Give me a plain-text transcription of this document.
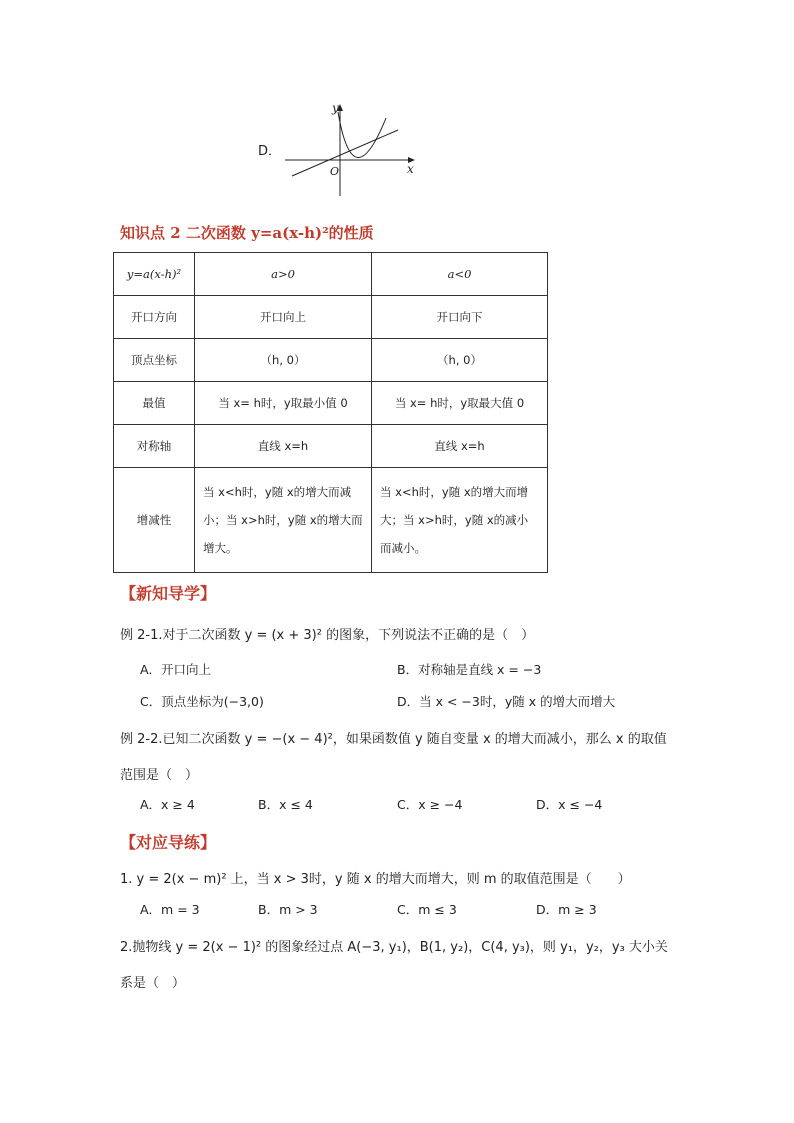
D．
x
y
O
知识点 2 二次函数 y=a(x-h)²的性质
y=a(x-h)²	a>0	a<0
开口方向	开口向上	开口向下
顶点坐标	（h, 0）	（h, 0）
最值	当 x= h时，y取最小值 0	当 x= h时，y取最大值 0
对称轴	直线 x=h	直线 x=h
增减性	当 x<h时，y随 x的增大而减小；当 x>h时，y随 x的增大而增大。	当 x<h时，y随 x的增大而增大；当 x>h时，y随 x的减小而减小。
【新知导学】
例 2-1.对于二次函数 y = (x + 3)² 的图象，下列说法不正确的是（　）
A．开口向上	B．对称轴是直线 x = −3
C．顶点坐标为(−3,0)	D．当 x < −3时，y随 x 的增大而增大
例 2-2.已知二次函数 y = −(x − 4)²，如果函数值 y 随自变量 x 的增大而减小，那么 x 的取值
范围是（　）
A．x ≥ 4	B．x ≤ 4	C．x ≥ −4	D．x ≤ −4
【对应导练】
1. y = 2(x − m)² 上，当 x > 3时，y 随 x 的增大而增大，则 m 的取值范围是（　　）
A．m = 3	B．m > 3	C．m ≤ 3	D．m ≥ 3
2.抛物线 y = 2(x − 1)² 的图象经过点 A(−3, y₁)，B(1, y₂)，C(4, y₃)，则 y₁，y₂，y₃ 大小关
系是（　）
